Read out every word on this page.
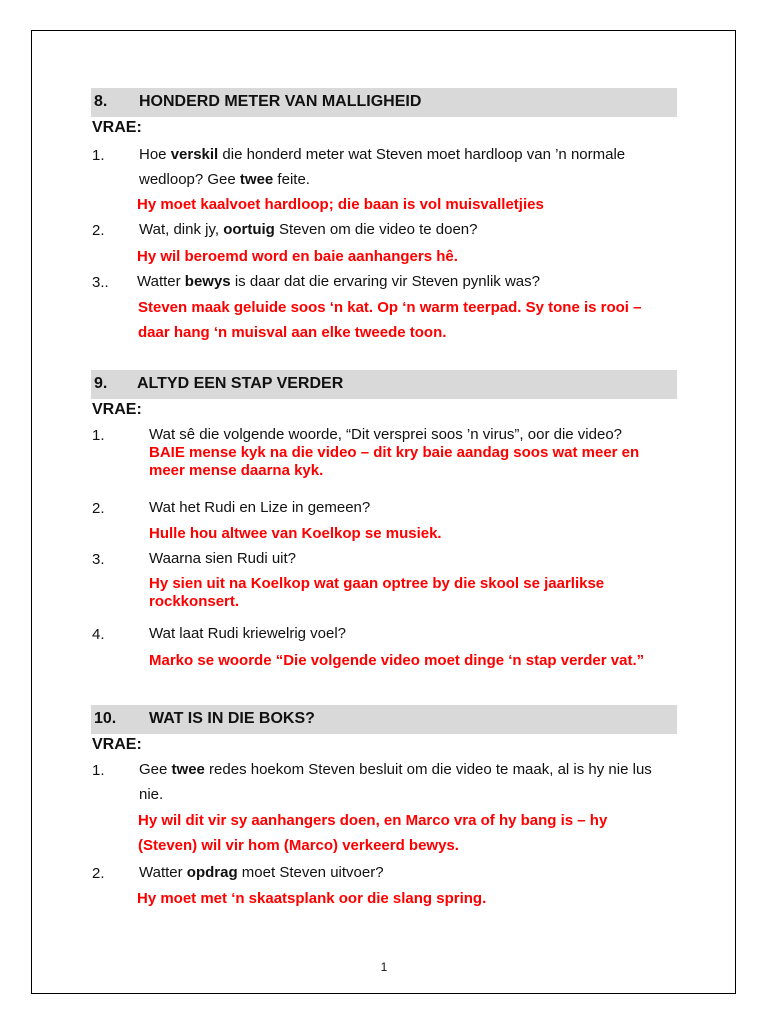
8. HONDERD METER VAN MALLIGHEID
VRAE:
1. Hoe verskil die honderd meter wat Steven moet hardloop van ’n normale wedloop? Gee twee feite.
Hy moet kaalvoet hardloop; die baan is vol muisvalletjies
2. Wat, dink jy, oortuig Steven om die video te doen?
Hy wil beroemd word en baie aanhangers hê.
3.. Watter bewys is daar dat die ervaring vir Steven pynlik was?
Steven maak geluide soos ‘n kat. Op ‘n warm teerpad. Sy tone is rooi – daar hang ‘n muisval aan elke tweede toon.
9. ALTYD EEN STAP VERDER
VRAE:
1.	Wat sê die volgende woorde, “Dit versprei soos ’n virus”, oor die video?
BAIE mense kyk na die video – dit kry baie aandag soos wat meer en meer mense daarna kyk.
2.	Wat het Rudi en Lize in gemeen?
Hulle hou altwee van Koelkop se musiek.
3.	Waarna sien Rudi uit?
Hy sien uit na Koelkop wat gaan optree by die skool se jaarlikse rockkonsert.
4.	Wat laat Rudi kriewelrig voel?
Marko se woorde “Die volgende video moet dinge ‘n stap verder vat.”
10. WAT IS IN DIE BOKS?
VRAE:
1. Gee twee redes hoekom Steven besluit om die video te maak, al is hy nie lus nie.
Hy wil dit vir sy aanhangers doen, en Marco vra of hy bang is – hy (Steven) wil vir hom (Marco) verkeerd bewys.
2. Watter opdrag moet Steven uitvoer?
Hy moet met ‘n skaatsplank oor die slang spring.
1
